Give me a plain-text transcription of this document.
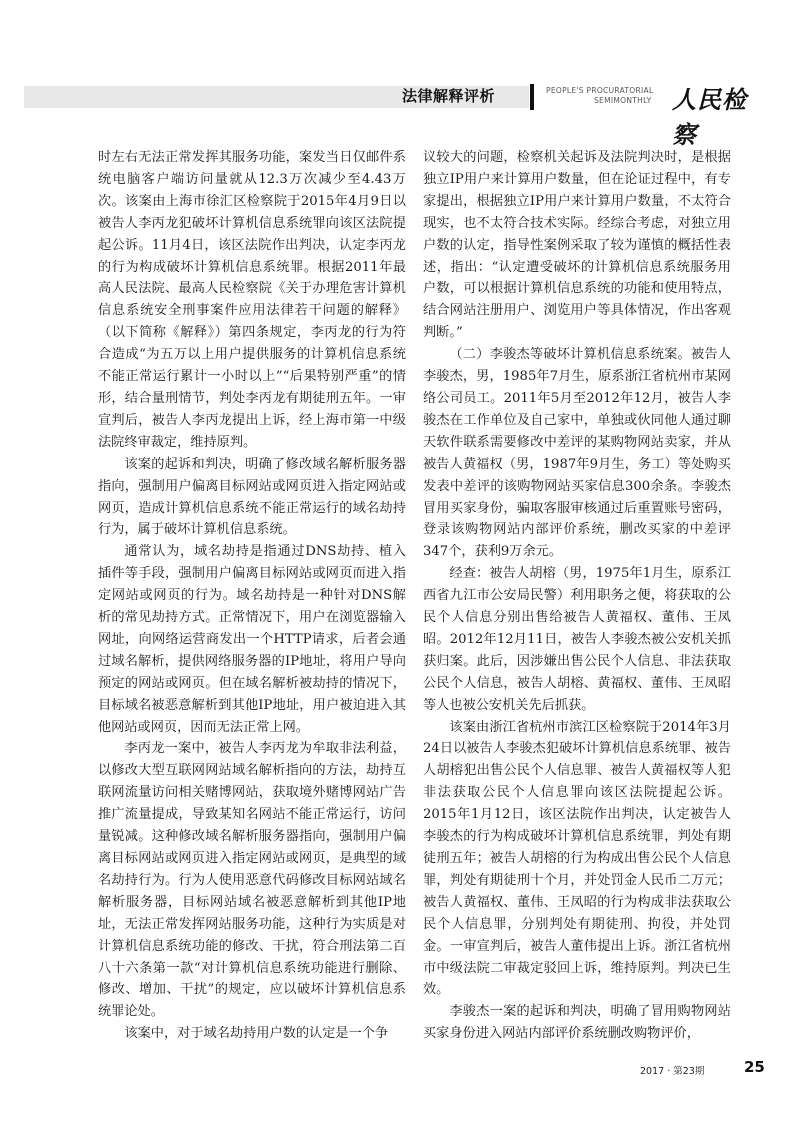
法律解释评析	PEOPLE'S PROCURATORIAL
SEMIMONTHLY 人民检察

时左右无法正常发挥其服务功能，案发当日仅邮件系统电脑客户端访问量就从12.3万次减少至4.43万次。该案由上海市徐汇区检察院于2015年4月9日以被告人李丙龙犯破坏计算机信息系统罪向该区法院提起公诉。11月4日，该区法院作出判决，认定李丙龙的行为构成破坏计算机信息系统罪。根据2011年最高人民法院、最高人民检察院《关于办理危害计算机信息系统安全刑事案件应用法律若干问题的解释》（以下简称《解释》）第四条规定，李丙龙的行为符合造成“为五万以上用户提供服务的计算机信息系统不能正常运行累计一小时以上”“后果特别严重”的情形，结合量刑情节，判处李丙龙有期徒刑五年。一审宣判后，被告人李丙龙提出上诉，经上海市第一中级法院终审裁定，维持原判。

该案的起诉和判决，明确了修改域名解析服务器指向，强制用户偏离目标网站或网页进入指定网站或网页，造成计算机信息系统不能正常运行的域名劫持行为，属于破坏计算机信息系统。

通常认为，域名劫持是指通过DNS劫持、植入插件等手段，强制用户偏离目标网站或网页而进入指定网站或网页的行为。域名劫持是一种针对DNS解析的常见劫持方式。正常情况下，用户在浏览器输入网址，向网络运营商发出一个HTTP请求，后者会通过域名解析，提供网络服务器的IP地址，将用户导向预定的网站或网页。但在域名解析被劫持的情况下，目标域名被恶意解析到其他IP地址，用户被迫进入其他网站或网页，因而无法正常上网。

李丙龙一案中，被告人李丙龙为牟取非法利益，以修改大型互联网网站域名解析指向的方法，劫持互联网流量访问相关赌博网站，获取境外赌博网站广告推广流量提成，导致某知名网站不能正常运行，访问量锐减。这种修改域名解析服务器指向，强制用户偏离目标网站或网页进入指定网站或网页，是典型的域名劫持行为。行为人使用恶意代码修改目标网站域名解析服务器，目标网站域名被恶意解析到其他IP地址，无法正常发挥网站服务功能，这种行为实质是对计算机信息系统功能的修改、干扰，符合刑法第二百八十六条第一款“对计算机信息系统功能进行删除、修改、增加、干扰”的规定，应以破坏计算机信息系统罪论处。

该案中，对于域名劫持用户数的认定是一个争

议较大的问题，检察机关起诉及法院判决时，是根据独立IP用户来计算用户数量，但在论证过程中，有专家提出，根据独立IP用户来计算用户数量，不太符合现实，也不太符合技术实际。经综合考虑，对独立用户数的认定，指导性案例采取了较为谨慎的概括性表述，指出：“认定遭受破坏的计算机信息系统服务用户数，可以根据计算机信息系统的功能和使用特点，结合网站注册用户、浏览用户等具体情况，作出客观判断。”

（二）李骏杰等破坏计算机信息系统案。被告人李骏杰，男，1985年7月生，原系浙江省杭州市某网络公司员工。2011年5月至2012年12月，被告人李骏杰在工作单位及自己家中，单独或伙同他人通过聊天软件联系需要修改中差评的某购物网站卖家，并从被告人黄福权（男，1987年9月生，务工）等处购买发表中差评的该购物网站买家信息300余条。李骏杰冒用买家身份，骗取客服审核通过后重置账号密码，登录该购物网站内部评价系统，删改买家的中差评347个，获利9万余元。

经查：被告人胡榕（男，1975年1月生，原系江西省九江市公安局民警）利用职务之便，将获取的公民个人信息分别出售给被告人黄福权、董伟、王凤昭。2012年12月11日，被告人李骏杰被公安机关抓获归案。此后，因涉嫌出售公民个人信息、非法获取公民个人信息，被告人胡榕、黄福权、董伟、王凤昭等人也被公安机关先后抓获。

该案由浙江省杭州市滨江区检察院于2014年3月24日以被告人李骏杰犯破坏计算机信息系统罪、被告人胡榕犯出售公民个人信息罪、被告人黄福权等人犯非法获取公民个人信息罪向该区法院提起公诉。2015年1月12日，该区法院作出判决，认定被告人李骏杰的行为构成破坏计算机信息系统罪，判处有期徒刑五年；被告人胡榕的行为构成出售公民个人信息罪，判处有期徒刑十个月，并处罚金人民币二万元；被告人黄福权、董伟、王凤昭的行为构成非法获取公民个人信息罪，分别判处有期徒刑、拘役，并处罚金。一审宣判后，被告人董伟提出上诉。浙江省杭州市中级法院二审裁定驳回上诉，维持原判。判决已生效。

李骏杰一案的起诉和判决，明确了冒用购物网站买家身份进入网站内部评价系统删改购物评价，

2017 · 第23期	25
